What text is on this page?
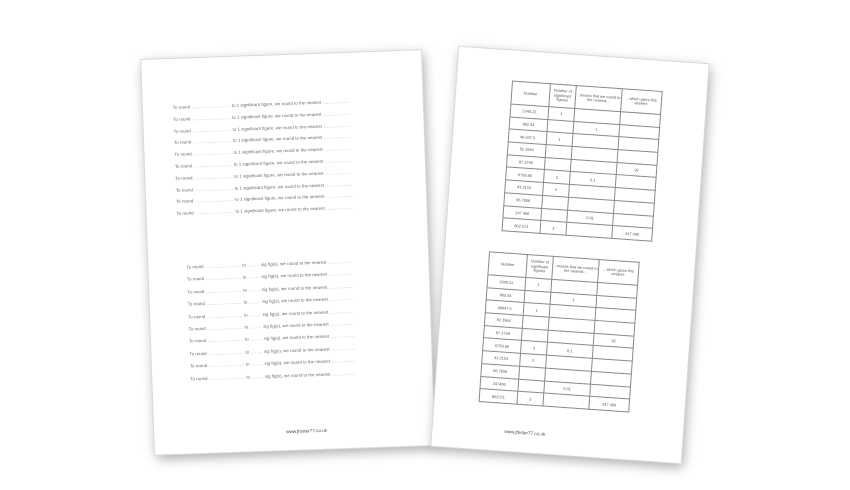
To round .......................... to 1 significant figure, we round to the nearest ..................
To round .......................... to 1 significant figure, we round to the nearest ..................
To round .......................... to 1 significant figure, we round to the nearest ..................
To round .......................... to 1 significant figure, we round to the nearest ..................
To round .......................... to 1 significant figure, we round to the nearest ..................
To round .......................... to 1 significant figure, we round to the nearest ..................
To round .......................... to 1 significant figure, we round to the nearest ..................
To round .......................... to 1 significant figure, we round to the nearest ..................
To round .......................... to 1 significant figure, we round to the nearest ..................
To round .......................... to 1 significant figure, we round to the nearest ..................
To round ........................ to ........ sig fig(s), we round to the nearest ................
To round ........................ to ........ sig fig(s), we round to the nearest ................
To round ........................ to ........ sig fig(s), we round to the nearest ................
To round ........................ to ........ sig fig(s), we round to the nearest ................
To round ........................ to ........ sig fig(s), we round to the nearest ................
To round ........................ to ........ sig fig(s), we round to the nearest ................
To round ........................ to ........ sig fig(s), we round to the nearest ................
To round ........................ to ........ sig fig(s), we round to the nearest ................
To round ........................ to ........ sig fig(s), we round to the nearest ................
To round ........................ to ........ sig fig(s), we round to the nearest ................
www.jfoster77.co.uk
Number	Number of significant figures	...means that we round to the nearest...	...which gives this answer:
2340.22	1		
962.34		1	
48 647.5	1		
92.1944			
87.3759			92
6759.86	3	0.1	
43.2153	3		
66.7856			
247 406		0.01	
802 571	3		247 400
Number	Number of significant figures	...means that we round to the nearest...	...which gives this answer:
2340.22	1		
962.34		1	
48647.5	1		
92.1944			
87.3759			92
6759.86	3	0.1	
43.2153	3		
66.7856			
247406		0.01	
802571	3		247 400
www.jfoster77.co.uk
